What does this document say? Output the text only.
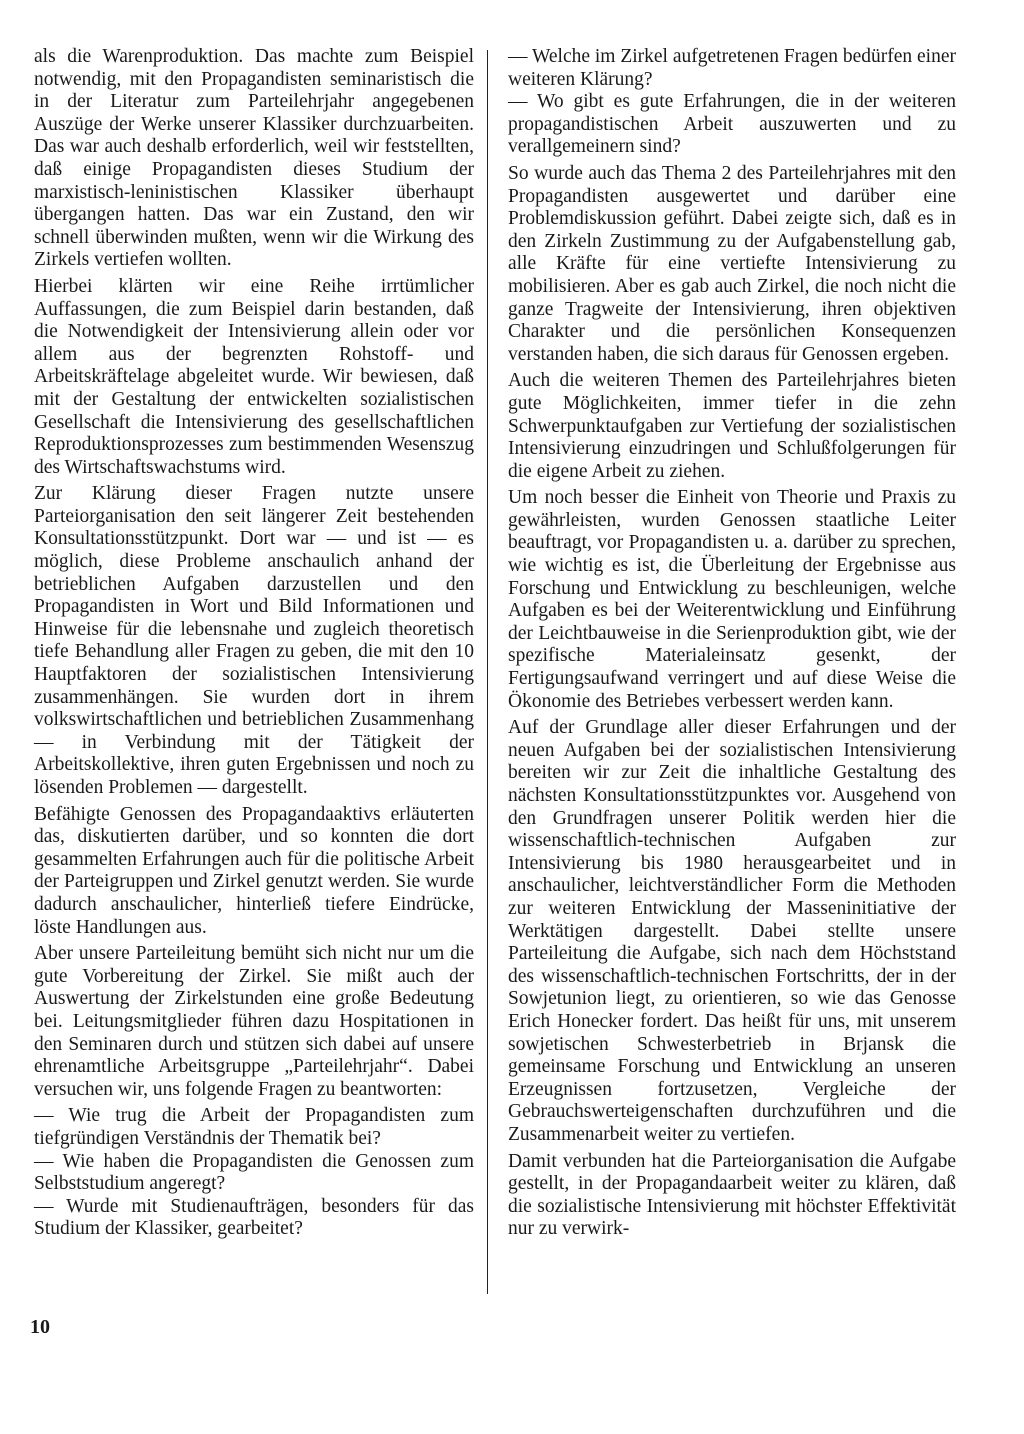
als die Warenproduktion. Das machte zum Beispiel notwendig, mit den Propagandisten seminaristisch die in der Literatur zum Parteilehrjahr angegebenen Auszüge der Werke unserer Klassiker durchzuarbeiten. Das war auch deshalb erforderlich, weil wir feststellten, daß einige Propagandisten dieses Studium der marxistisch-leninistischen Klassiker überhaupt übergangen hatten. Das war ein Zustand, den wir schnell überwinden mußten, wenn wir die Wirkung des Zirkels vertiefen wollten.

Hierbei klärten wir eine Reihe irrtümlicher Auffassungen, die zum Beispiel darin bestanden, daß die Notwendigkeit der Intensivierung allein oder vor allem aus der begrenzten Rohstoff- und Arbeitskräftelage abgeleitet wurde. Wir bewiesen, daß mit der Gestaltung der entwickelten sozialistischen Gesellschaft die Intensivierung des gesellschaftlichen Reproduktionsprozesses zum bestimmenden Wesenszug des Wirtschaftswachstums wird.

Zur Klärung dieser Fragen nutzte unsere Parteiorganisation den seit längerer Zeit bestehenden Konsultationsstützpunkt. Dort war — und ist — es möglich, diese Probleme anschaulich anhand der betrieblichen Aufgaben darzustellen und den Propagandisten in Wort und Bild Informationen und Hinweise für die lebensnahe und zugleich theoretisch tiefe Behandlung aller Fragen zu geben, die mit den 10 Hauptfaktoren der sozialistischen Intensivierung zusammenhängen. Sie wurden dort in ihrem volkswirtschaftlichen und betrieblichen Zusammenhang — in Verbindung mit der Tätigkeit der Arbeitskollektive, ihren guten Ergebnissen und noch zu lösenden Problemen — dargestellt.

Befähigte Genossen des Propagandaaktivs erläuterten das, diskutierten darüber, und so konnten die dort gesammelten Erfahrungen auch für die politische Arbeit der Parteigruppen und Zirkel genutzt werden. Sie wurde dadurch anschaulicher, hinterließ tiefere Eindrücke, löste Handlungen aus.

Aber unsere Parteileitung bemüht sich nicht nur um die gute Vorbereitung der Zirkel. Sie mißt auch der Auswertung der Zirkelstunden eine große Bedeutung bei. Leitungsmitglieder führen dazu Hospitationen in den Seminaren durch und stützen sich dabei auf unsere ehrenamtliche Arbeitsgruppe „Parteilehrjahr“. Dabei versuchen wir, uns folgende Fragen zu beantworten:

— Wie trug die Arbeit der Propagandisten zum tiefgründigen Verständnis der Thematik bei?

— Wie haben die Propagandisten die Genossen zum Selbststudium angeregt?

— Wurde mit Studienaufträgen, besonders für das Studium der Klassiker, gearbeitet?

— Welche im Zirkel aufgetretenen Fragen bedürfen einer weiteren Klärung?

— Wo gibt es gute Erfahrungen, die in der weiteren propagandistischen Arbeit auszuwerten und zu verallgemeinern sind?

So wurde auch das Thema 2 des Parteilehrjahres mit den Propagandisten ausgewertet und darüber eine Problemdiskussion geführt. Dabei zeigte sich, daß es in den Zirkeln Zustimmung zu der Aufgabenstellung gab, alle Kräfte für eine vertiefte Intensivierung zu mobilisieren. Aber es gab auch Zirkel, die noch nicht die ganze Tragweite der Intensivierung, ihren objektiven Charakter und die persönlichen Konsequenzen verstanden haben, die sich daraus für Genossen ergeben.

Auch die weiteren Themen des Parteilehrjahres bieten gute Möglichkeiten, immer tiefer in die zehn Schwerpunktaufgaben zur Vertiefung der sozialistischen Intensivierung einzudringen und Schlußfolgerungen für die eigene Arbeit zu ziehen.

Um noch besser die Einheit von Theorie und Praxis zu gewährleisten, wurden Genossen staatliche Leiter beauftragt, vor Propagandisten u. a. darüber zu sprechen, wie wichtig es ist, die Überleitung der Ergebnisse aus Forschung und Entwicklung zu beschleunigen, welche Aufgaben es bei der Weiterentwicklung und Einführung der Leichtbauweise in die Serienproduktion gibt, wie der spezifische Materialeinsatz gesenkt, der Fertigungsaufwand verringert und auf diese Weise die Ökonomie des Betriebes verbessert werden kann.

Auf der Grundlage aller dieser Erfahrungen und der neuen Aufgaben bei der sozialistischen Intensivierung bereiten wir zur Zeit die inhaltliche Gestaltung des nächsten Konsultationsstützpunktes vor. Ausgehend von den Grundfragen unserer Politik werden hier die wissenschaftlich-technischen Aufgaben zur Intensivierung bis 1980 herausgearbeitet und in anschaulicher, leichtverständlicher Form die Methoden zur weiteren Entwicklung der Masseninitiative der Werktätigen dargestellt. Dabei stellte unsere Parteileitung die Aufgabe, sich nach dem Höchststand des wissenschaftlich-technischen Fortschritts, der in der Sowjetunion liegt, zu orientieren, so wie das Genosse Erich Honecker fordert. Das heißt für uns, mit unserem sowjetischen Schwesterbetrieb in Brjansk die gemeinsame Forschung und Entwicklung an unseren Erzeugnissen fortzusetzen, Vergleiche der Gebrauchswerteigenschaften durchzuführen und die Zusammenarbeit weiter zu vertiefen.

Damit verbunden hat die Parteiorganisation die Aufgabe gestellt, in der Propagandaarbeit weiter zu klären, daß die sozialistische Intensivierung mit höchster Effektivität nur zu verwirk-

10
